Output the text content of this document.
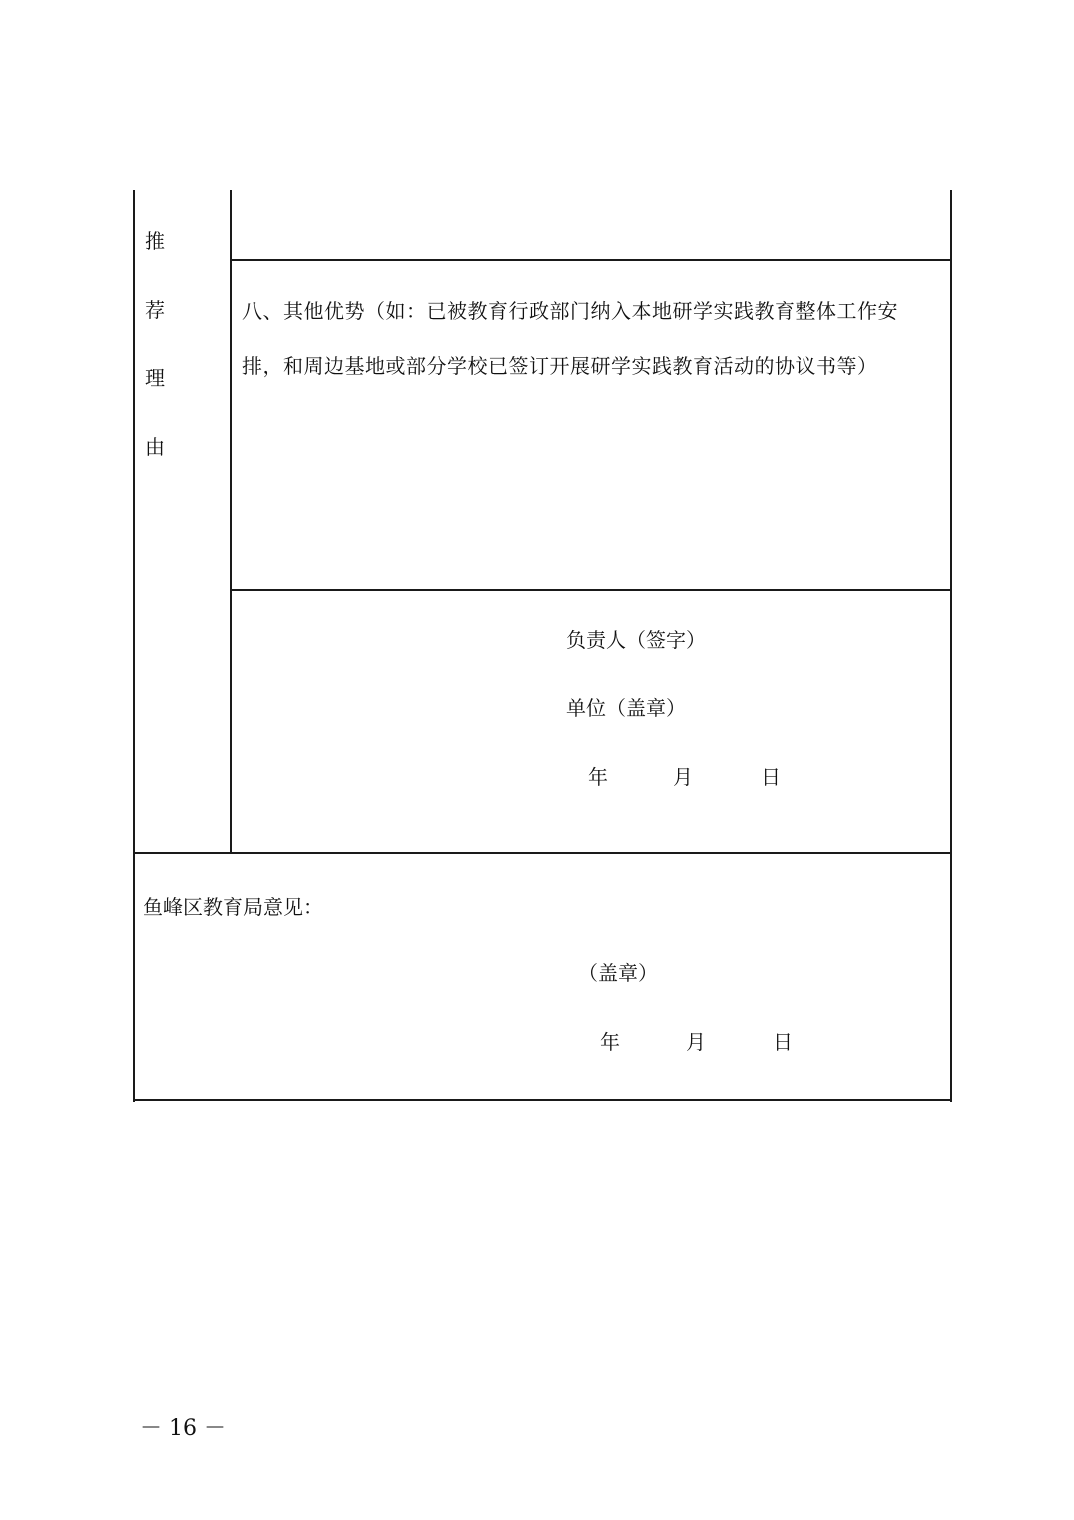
推
荐
理
由
八、其他优势（如：已被教育行政部门纳入本地研学实践教育整体工作安
排，和周边基地或部分学校已签订开展研学实践教育活动的协议书等）
负责人（签字）
单位（盖章）
年	月	日
鱼峰区教育局意见：
（盖章）
年	月	日
－ 16 －
